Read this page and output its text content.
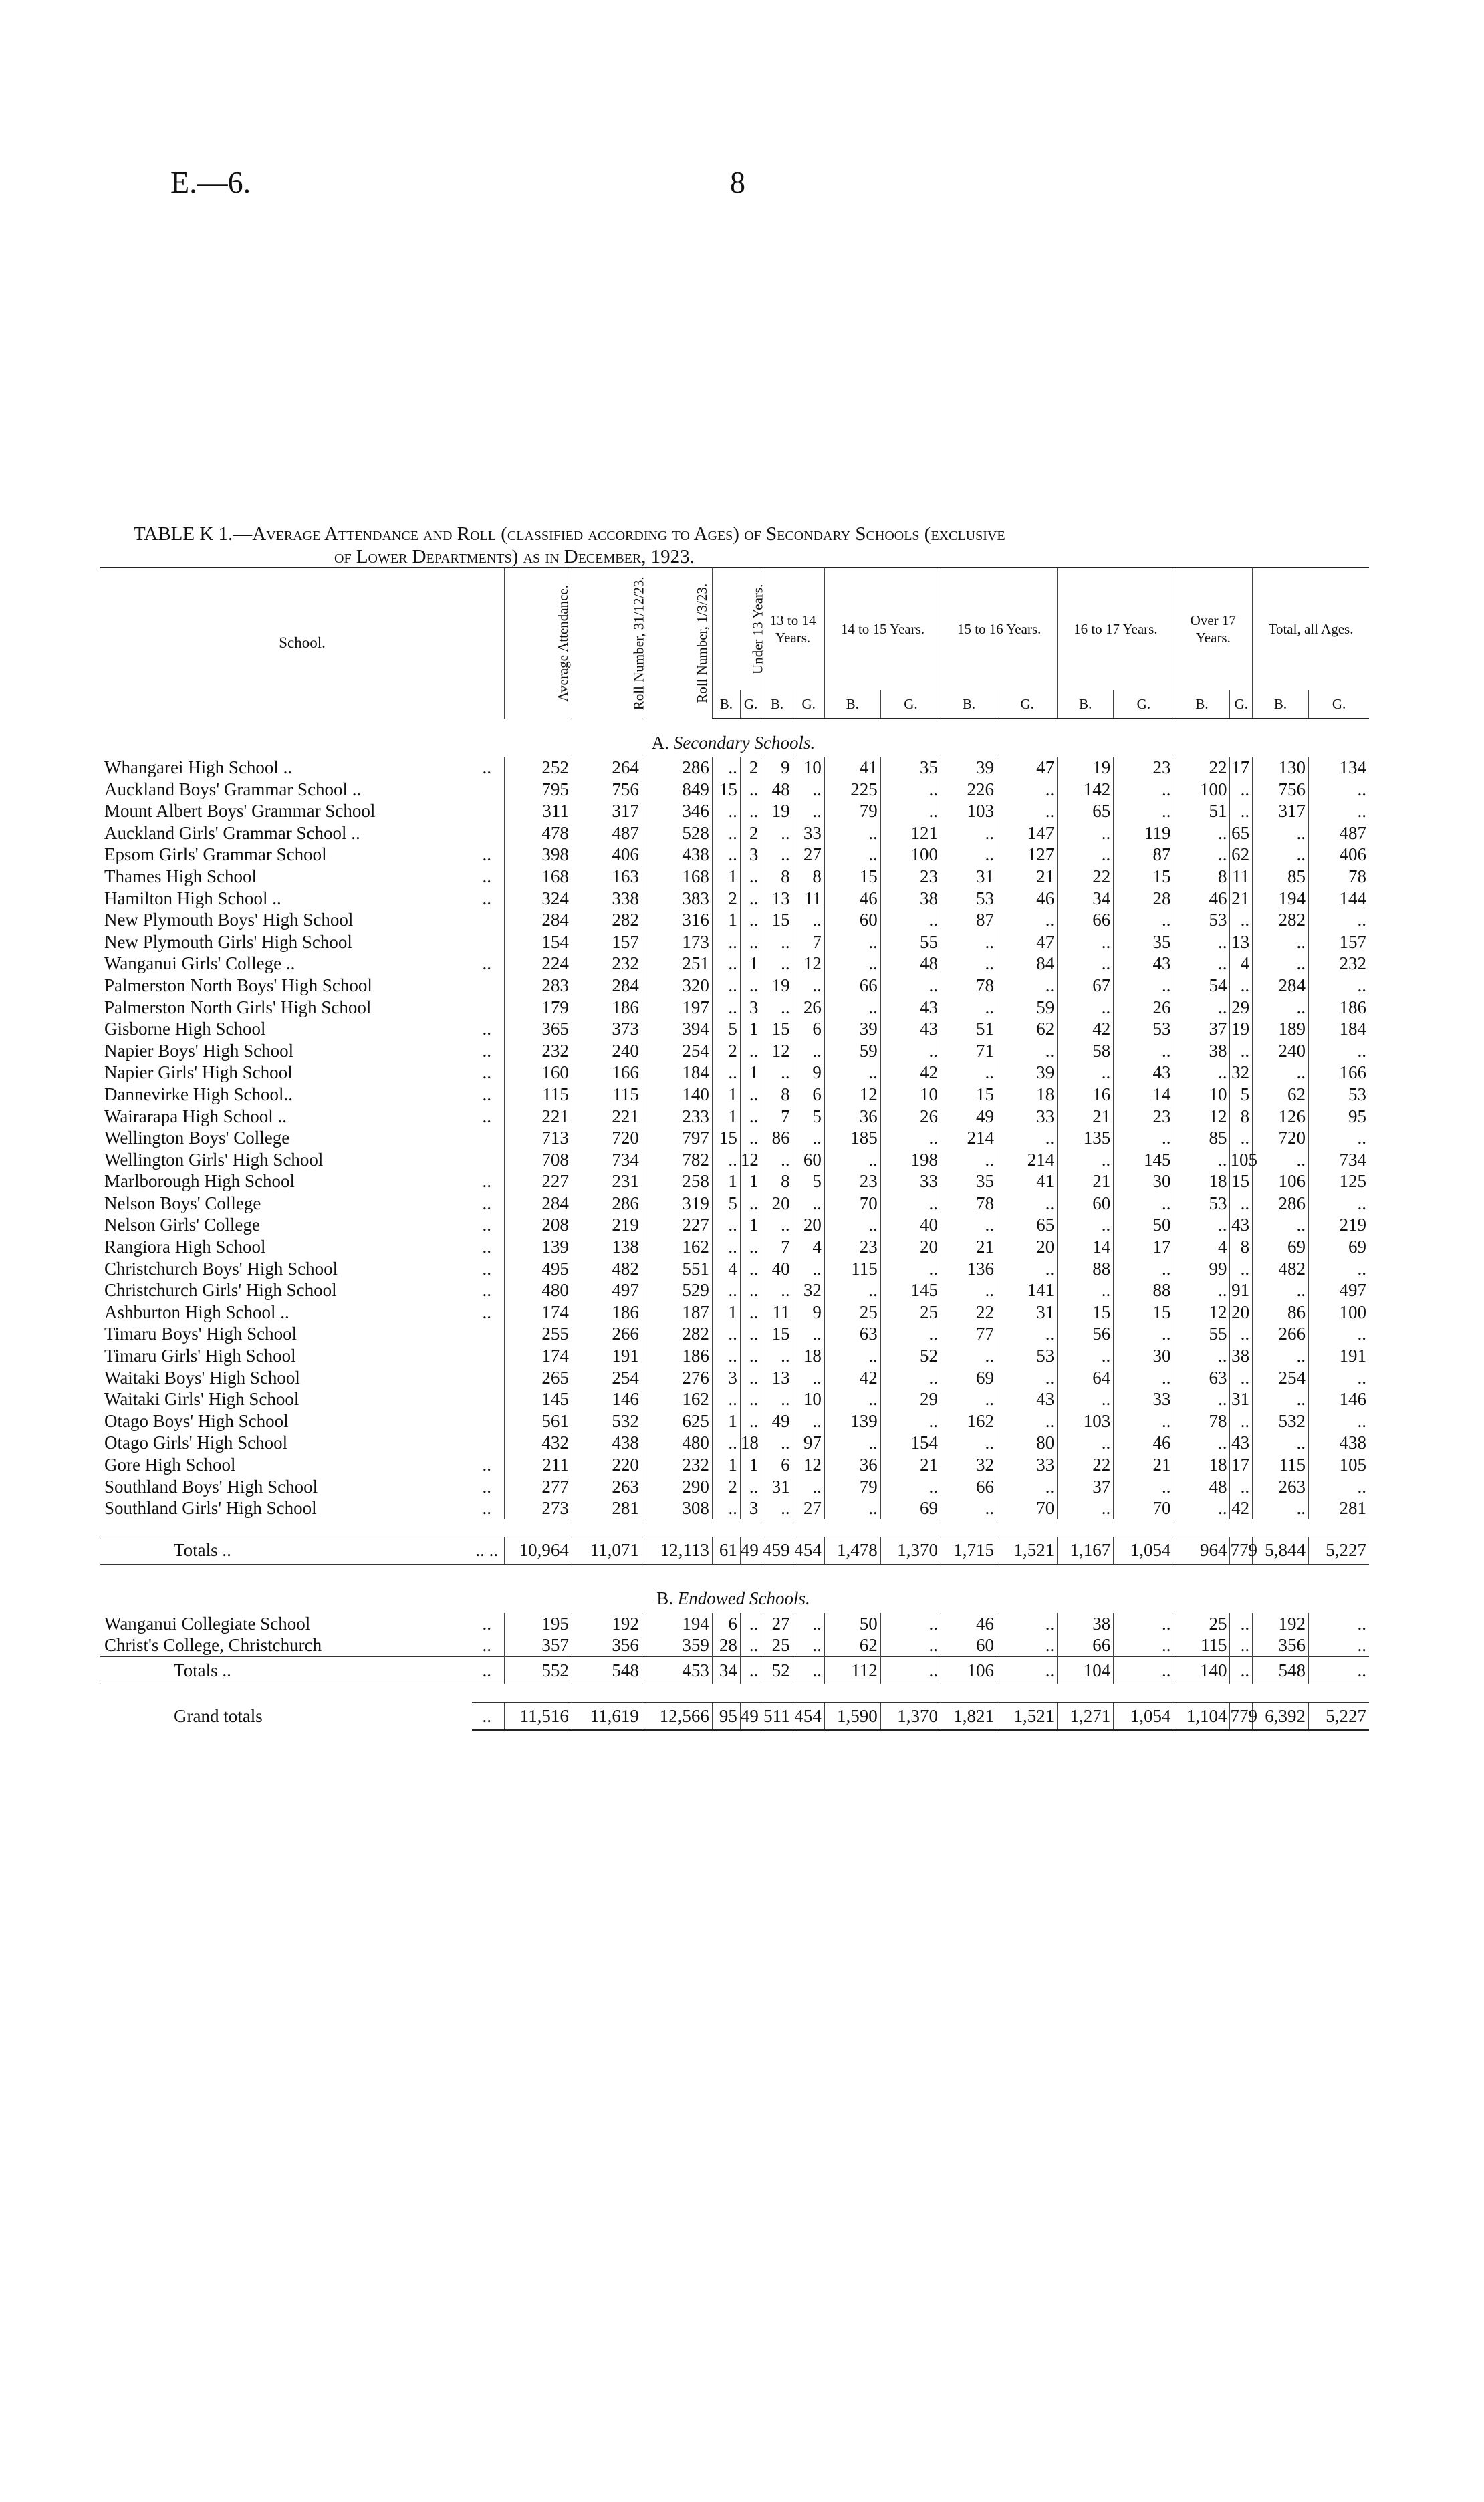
E.—6.	8
TABLE K 1.—Average Attendance and Roll (classified according to Ages) of Secondary Schools (exclusive
of Lower Departments) as in December, 1923.
School.		Average Attendance.	Roll Number, 31/12/23.	Roll Number, 1/3/23.	Under 13 Years.		13 to 14 Years.		14 to 15 Years.		15 to 16 Years.		16 to 17 Years.		Over 17 Years.		Total, all Ages.	
					B.	G.	B.	G.	B.	G.	B.	G.	B.	G.	B.	G.	B.	G.
A. Secondary Schools.																		
Whangarei High School ..	..	252	264	286	..	2	9	10	41	35	39	47	19	23	22	17	130	134
Auckland Boys' Grammar School ..		795	756	849	15	..	48	..	225	..	226	..	142	..	100	..	756	..
Mount Albert Boys' Grammar School		311	317	346	..	..	19	..	79	..	103	..	65	..	51	..	317	..
Auckland Girls' Grammar School ..		478	487	528	..	2	..	33	..	121	..	147	..	119	..	65	..	487
Epsom Girls' Grammar School	..	398	406	438	..	3	..	27	..	100	..	127	..	87	..	62	..	406
Thames High School	..	168	163	168	1	..	8	8	15	23	31	21	22	15	8	11	85	78
Hamilton High School ..	..	324	338	383	2	..	13	11	46	38	53	46	34	28	46	21	194	144
New Plymouth Boys' High School		284	282	316	1	..	15	..	60	..	87	..	66	..	53	..	282	..
New Plymouth Girls' High School		154	157	173	..	..	..	7	..	55	..	47	..	35	..	13	..	157
Wanganui Girls' College ..	..	224	232	251	..	1	..	12	..	48	..	84	..	43	..	4	..	232
Palmerston North Boys' High School		283	284	320	..	..	19	..	66	..	78	..	67	..	54	..	284	..
Palmerston North Girls' High School		179	186	197	..	3	..	26	..	43	..	59	..	26	..	29	..	186
Gisborne High School	..	365	373	394	5	1	15	6	39	43	51	62	42	53	37	19	189	184
Napier Boys' High School	..	232	240	254	2	..	12	..	59	..	71	..	58	..	38	..	240	..
Napier Girls' High School	..	160	166	184	..	1	..	9	..	42	..	39	..	43	..	32	..	166
Dannevirke High School..	..	115	115	140	1	..	8	6	12	10	15	18	16	14	10	5	62	53
Wairarapa High School ..	..	221	221	233	1	..	7	5	36	26	49	33	21	23	12	8	126	95
Wellington Boys' College		713	720	797	15	..	86	..	185	..	214	..	135	..	85	..	720	..
Wellington Girls' High School		708	734	782	..	12	..	60	..	198	..	214	..	145	..	105	..	734
Marlborough High School	..	227	231	258	1	1	8	5	23	33	35	41	21	30	18	15	106	125
Nelson Boys' College	..	284	286	319	5	..	20	..	70	..	78	..	60	..	53	..	286	..
Nelson Girls' College	..	208	219	227	..	1	..	20	..	40	..	65	..	50	..	43	..	219
Rangiora High School	..	139	138	162	..	..	7	4	23	20	21	20	14	17	4	8	69	69
Christchurch Boys' High School	..	495	482	551	4	..	40	..	115	..	136	..	88	..	99	..	482	..
Christchurch Girls' High School	..	480	497	529	..	..	..	32	..	145	..	141	..	88	..	91	..	497
Ashburton High School ..	..	174	186	187	1	..	11	9	25	25	22	31	15	15	12	20	86	100
Timaru Boys' High School		255	266	282	..	..	15	..	63	..	77	..	56	..	55	..	266	..
Timaru Girls' High School		174	191	186	..	..	..	18	..	52	..	53	..	30	..	38	..	191
Waitaki Boys' High School		265	254	276	3	..	13	..	42	..	69	..	64	..	63	..	254	..
Waitaki Girls' High School		145	146	162	..	..	..	10	..	29	..	43	..	33	..	31	..	146
Otago Boys' High School		561	532	625	1	..	49	..	139	..	162	..	103	..	78	..	532	..
Otago Girls' High School		432	438	480	..	18	..	97	..	154	..	80	..	46	..	43	..	438
Gore High School	..	211	220	232	1	1	6	12	36	21	32	33	22	21	18	17	115	105
Southland Boys' High School	..	277	263	290	2	..	31	..	79	..	66	..	37	..	48	..	263	..
Southland Girls' High School	..	273	281	308	..	3	..	27	..	69	..	70	..	70	..	42	..	281

Totals ..	.. ..	10,964	11,071	12,113	61	49	459	454	1,478	1,370	1,715	1,521	1,167	1,054	964	779	5,844	5,227
B. Endowed Schools.																		
Wanganui Collegiate School	..	195	192	194	6	..	27	..	50	..	46	..	38	..	25	..	192	..
Christ's College, Christchurch	..	357	356	359	28	..	25	..	62	..	60	..	66	..	115	..	356	..
Totals ..	..	552	548	453	34	..	52	..	112	..	106	..	104	..	140	..	548	..

Grand totals	..	11,516	11,619	12,566	95	49	511	454	1,590	1,370	1,821	1,521	1,271	1,054	1,104	779	6,392	5,227
